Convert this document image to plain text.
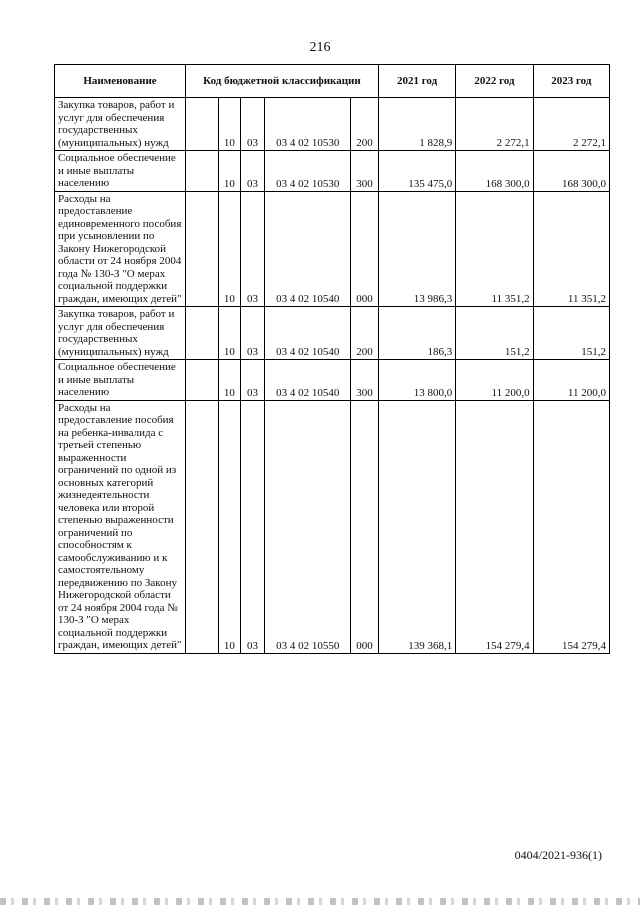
216
Наименование	Код бюджетной классификации					2021 год	2022 год	2023 год
Закупка товаров, работ и услуг для обеспечения государственных (муниципальных) нужд		10	03	03 4 02 10530	200	1 828,9	2 272,1	2 272,1
Социальное обеспечение и иные выплаты населению		10	03	03 4 02 10530	300	135 475,0	168 300,0	168 300,0
Расходы на предоставление единовременного пособия при усыновлении по Закону Нижегородской области от 24 ноября 2004 года № 130-З "О мерах социальной поддержки граждан, имеющих детей"		10	03	03 4 02 10540	000	13 986,3	11 351,2	11 351,2
Закупка товаров, работ и услуг для обеспечения государственных (муниципальных) нужд		10	03	03 4 02 10540	200	186,3	151,2	151,2
Социальное обеспечение и иные выплаты населению		10	03	03 4 02 10540	300	13 800,0	11 200,0	11 200,0
Расходы на предоставление пособия на ребенка-инвалида с третьей степенью выраженности ограничений по одной из основных категорий жизнедеятельности человека или второй степенью выраженности ограничений по способностям к самообслуживанию и к самостоятельному передвижению по Закону Нижегородской области от 24 ноября 2004 года № 130-З "О мерах социальной поддержки граждан, имеющих детей"		10	03	03 4 02 10550	000	139 368,1	154 279,4	154 279,4
0404/2021-936(1)
